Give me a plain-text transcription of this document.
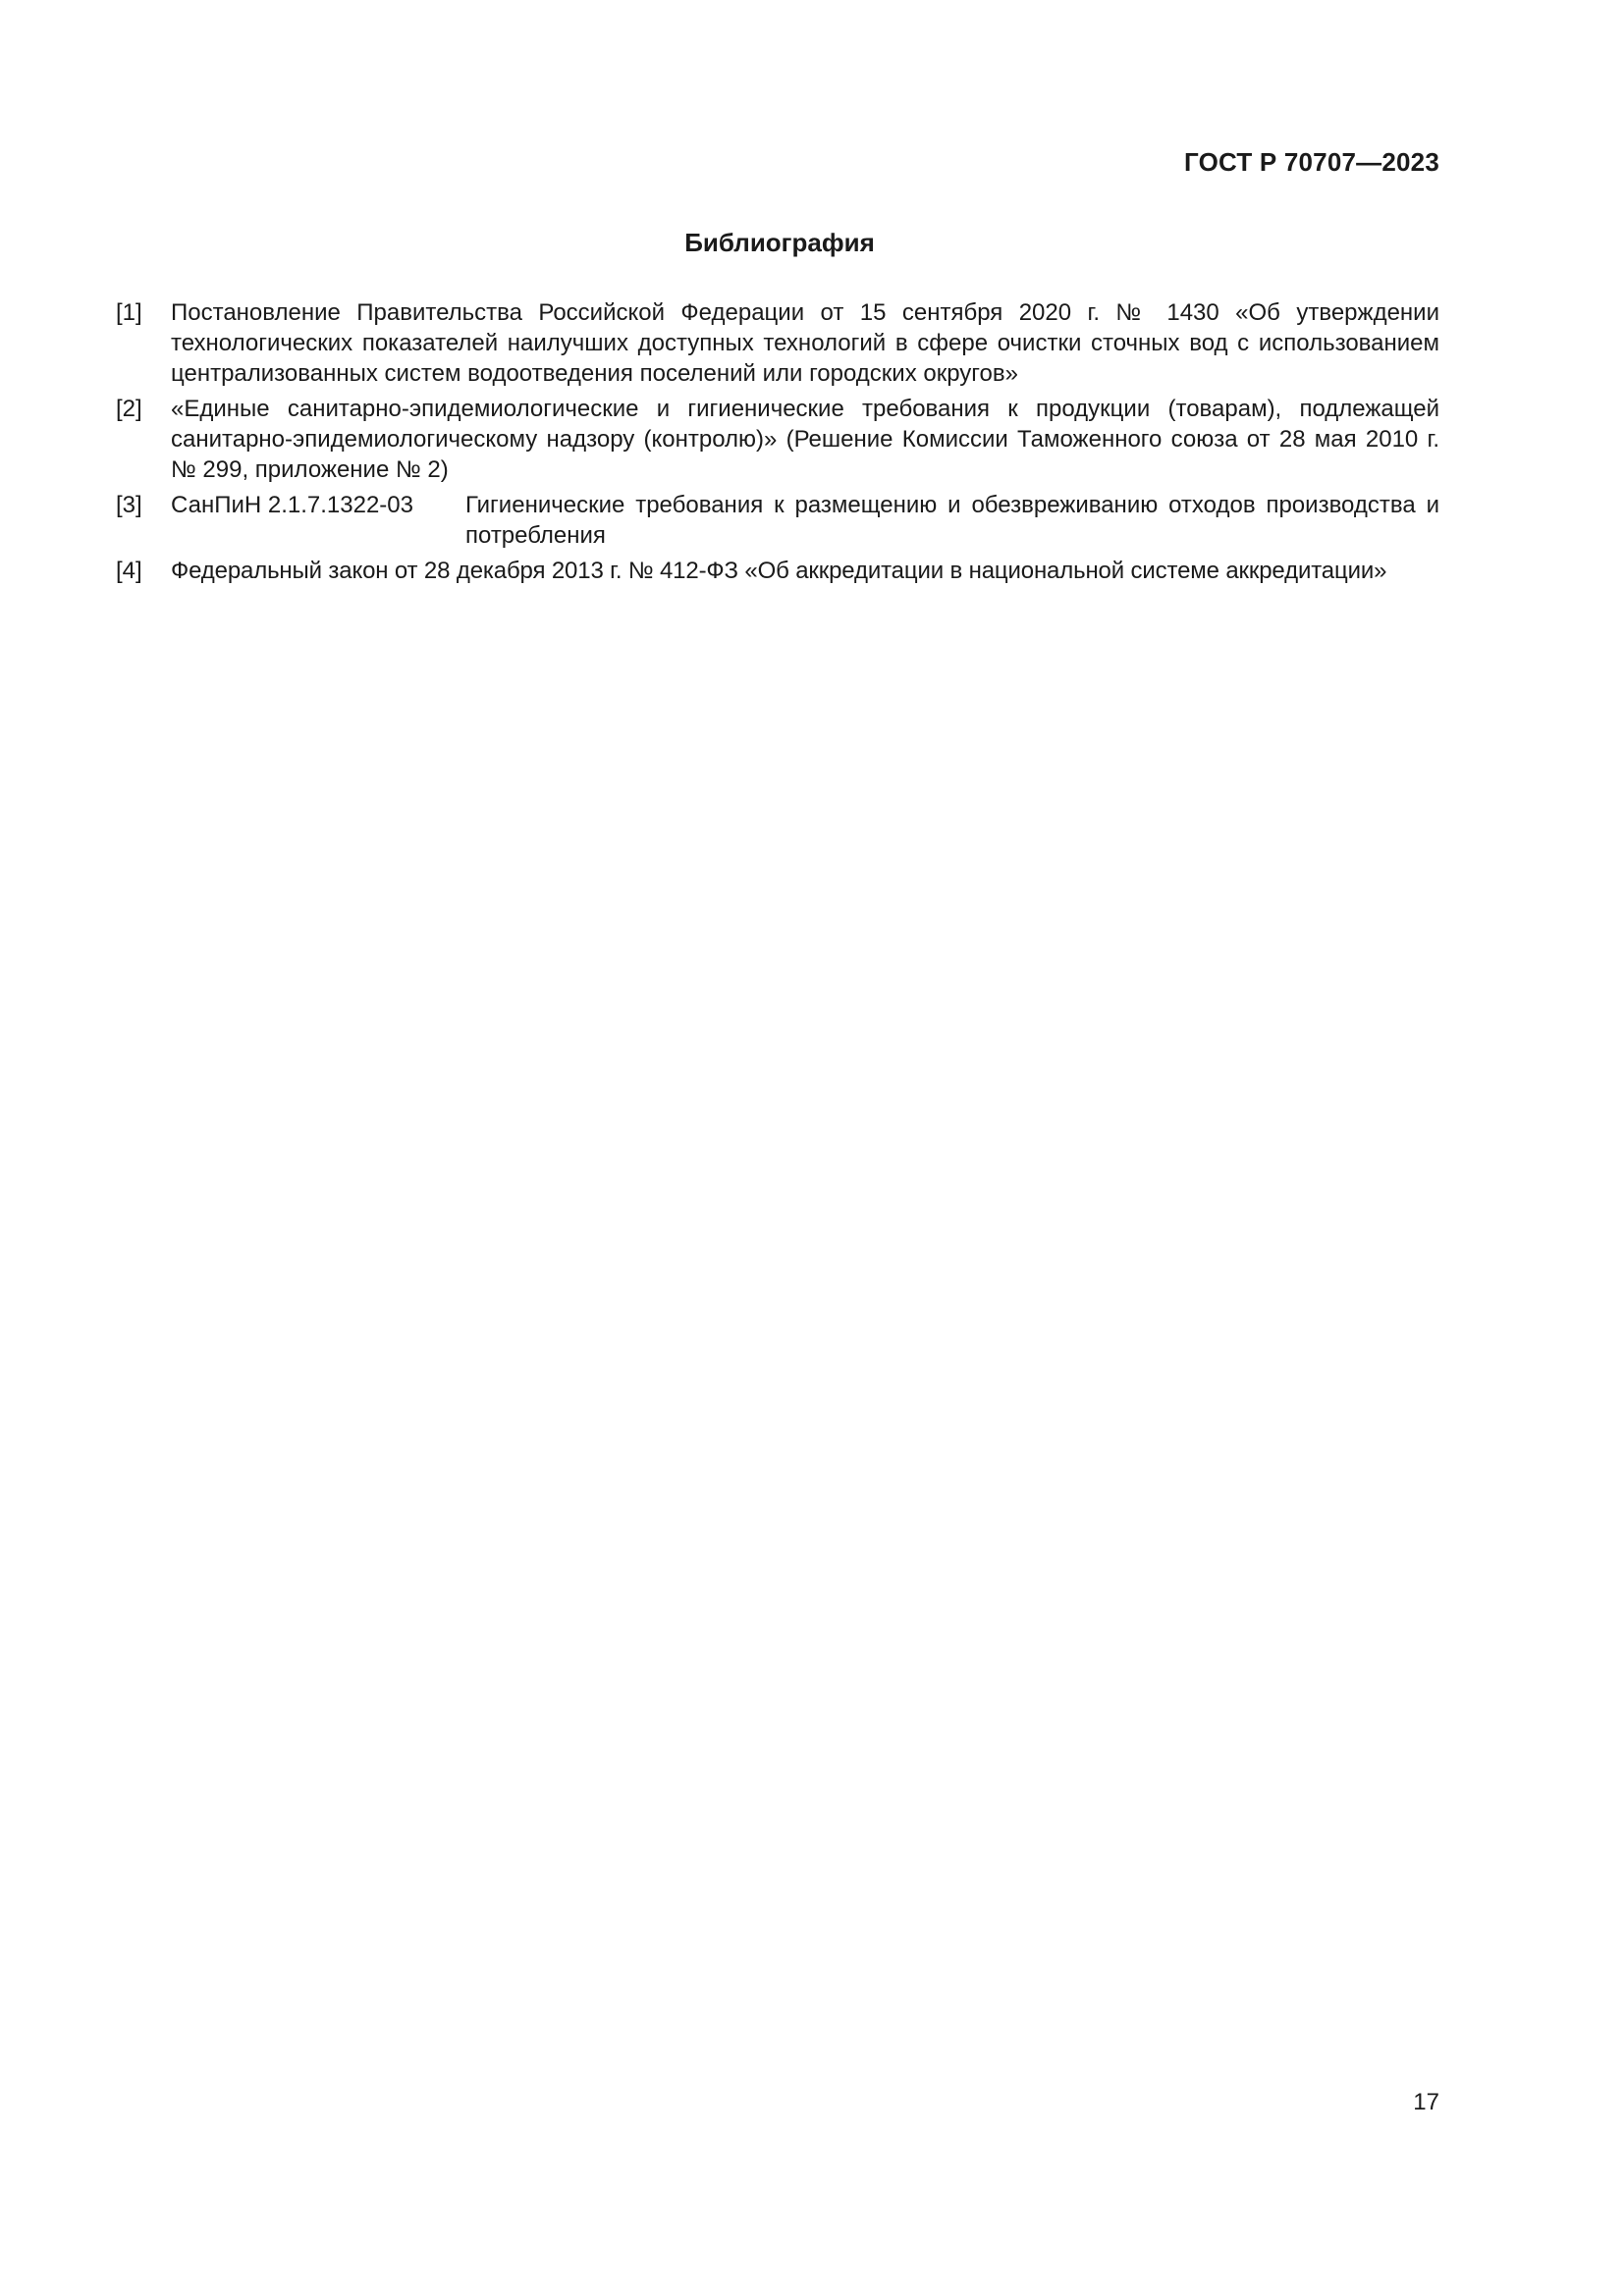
ГОСТ Р 70707—2023
Библиография
[1]	Постановление Правительства Российской Федерации от 15 сентября 2020 г. № 1430 «Об утверждении технологических показателей наилучших доступных технологий в сфере очистки сточных вод с использованием централизованных систем водоотведения поселений или городских округов»
[2]	«Единые санитарно-эпидемиологические и гигиенические требования к продукции (товарам), подлежащей санитарно-эпидемиологическому надзору (контролю)» (Решение Комиссии Таможенного союза от 28 мая 2010 г. № 299, приложение № 2)
[3]	СанПиН 2.1.7.1322-03	Гигиенические требования к размещению и обезвреживанию отходов производства и потребления
[4]	Федеральный закон от 28 декабря 2013 г. № 412-ФЗ «Об аккредитации в национальной системе аккредитации»
17
